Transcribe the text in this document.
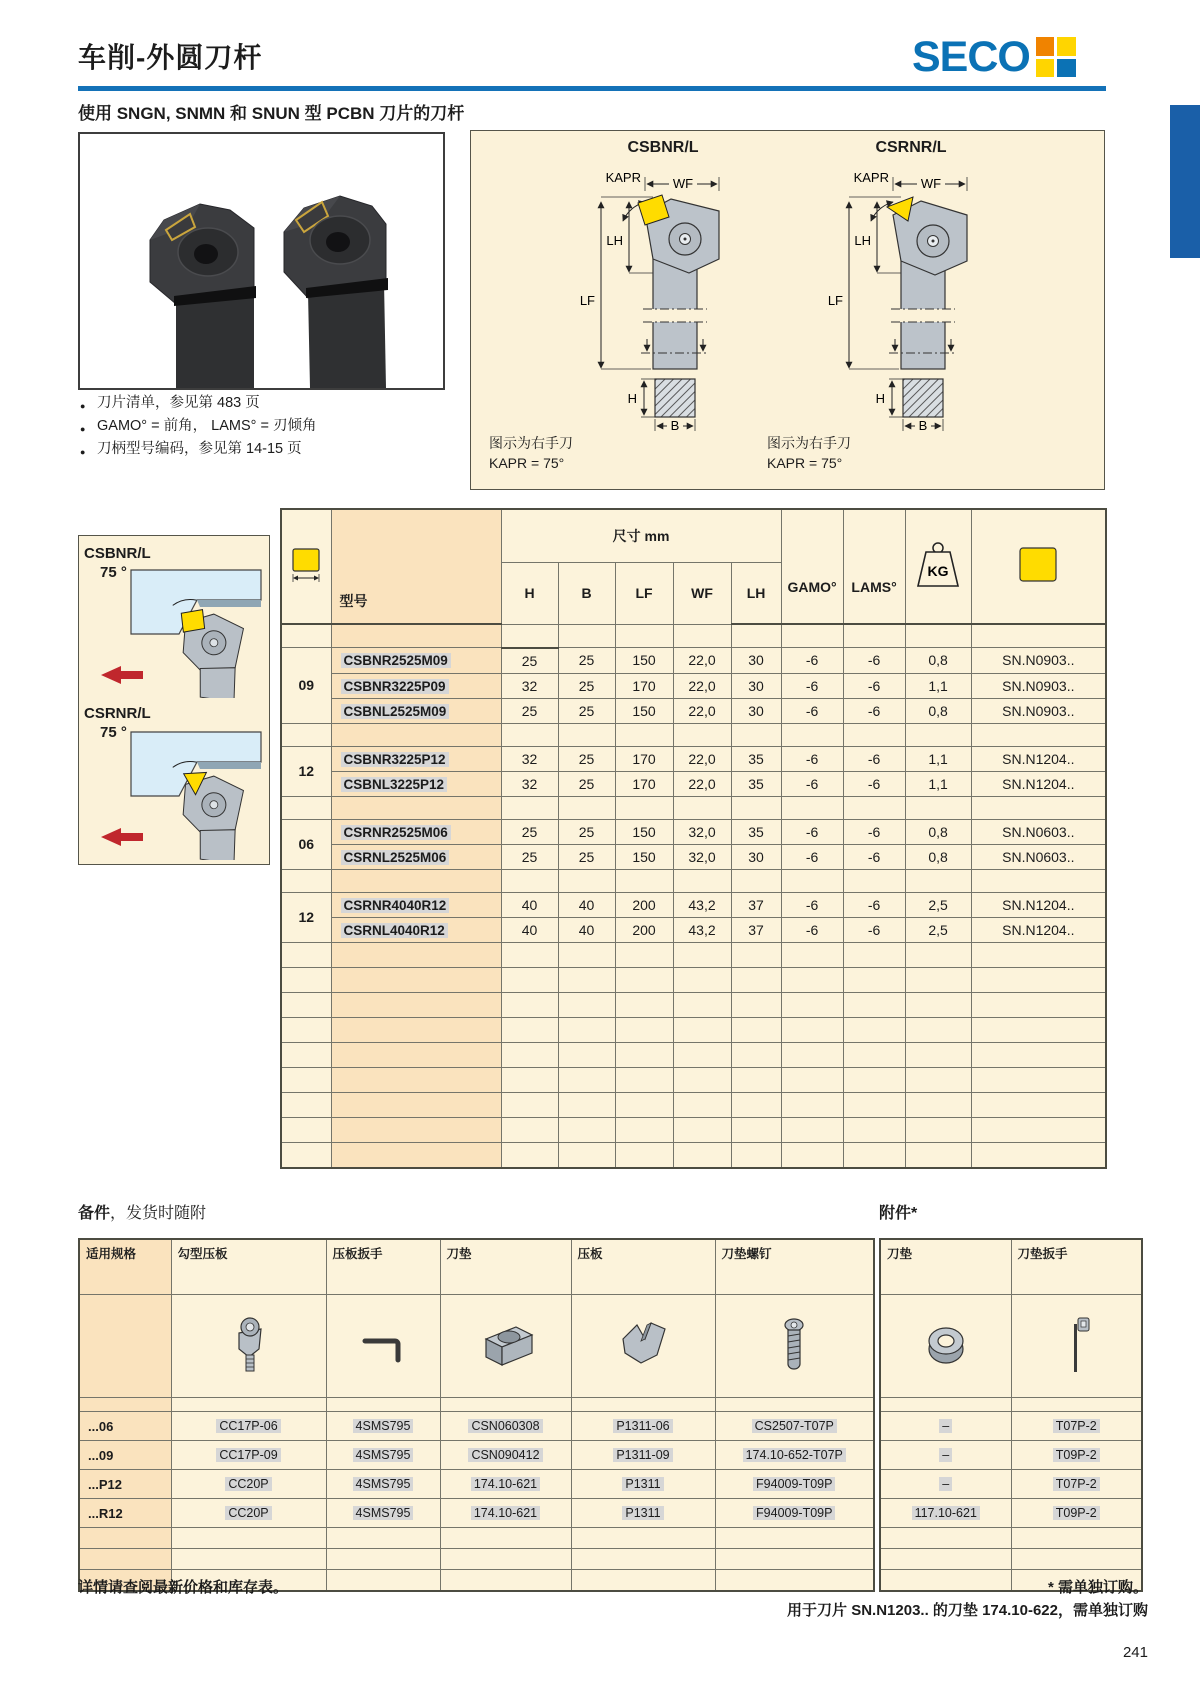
车削-外圆刀杆	SECO
使用 SNGN, SNMN 和 SNUN 型 PCBN 刀片的刀杆
● 刀片清单，参见第 483 页
● GAMO° = 前角， LAMS° = 刃倾角
● 刀柄型号编码，参见第 14-15 页
CSBNR/L
WF
KAPR
LF
LH
H
B
CSRNR/L
WF
KAPR
LF
LH
H
B
图示为右手刀
KAPR = 75°
图示为右手刀
KAPR = 75°
CSBNR/L
75 °
CSRNR/L
75 °
	型号	尺寸 mm					GAMO°	LAMS°	KG

		H	B	LF	WF	LH				

09	CSBNR2525M09	25	25	150	22,0	30	-6	-6	0,8	SN.N0903..
	CSBNR3225P09	32	25	170	22,0	30	-6	-6	1,1	SN.N0903..
	CSBNL2525M09	25	25	150	22,0	30	-6	-6	0,8	SN.N0903..

12	CSBNR3225P12	32	25	170	22,0	35	-6	-6	1,1	SN.N1204..
	CSBNL3225P12	32	25	170	22,0	35	-6	-6	1,1	SN.N1204..

06	CSRNR2525M06	25	25	150	32,0	35	-6	-6	0,8	SN.N0603..
	CSRNL2525M06	25	25	150	32,0	30	-6	-6	0,8	SN.N0603..

12	CSRNR4040R12	40	40	200	43,2	37	-6	-6	2,5	SN.N1204..
	CSRNL4040R12	40	40	200	43,2	37	-6	-6	2,5	SN.N1204..

备件，发货时随附	附件*
适用规格	勾型压板	压板扳手	刀垫	压板	刀垫螺钉

...06	CC17P-06	4SMS795	CSN060308	P1311-06	CS2507-T07P
...09	CC17P-09	4SMS795	CSN090412	P1311-09	174.10-652-T07P
...P12	CC20P	4SMS795	174.10-621	P1311	F94009-T09P
...R12	CC20P	4SMS795	174.10-621	P1311	F94009-T09P

刀垫	刀垫扳手

–	T07P-2
–	T09P-2
–	T07P-2
117.10-621	T09P-2

详情请查阅最新价格和库存表。	* 需单独订购。
用于刀片 SN.N1203.. 的刀垫 174.10-622，需单独订购
241
